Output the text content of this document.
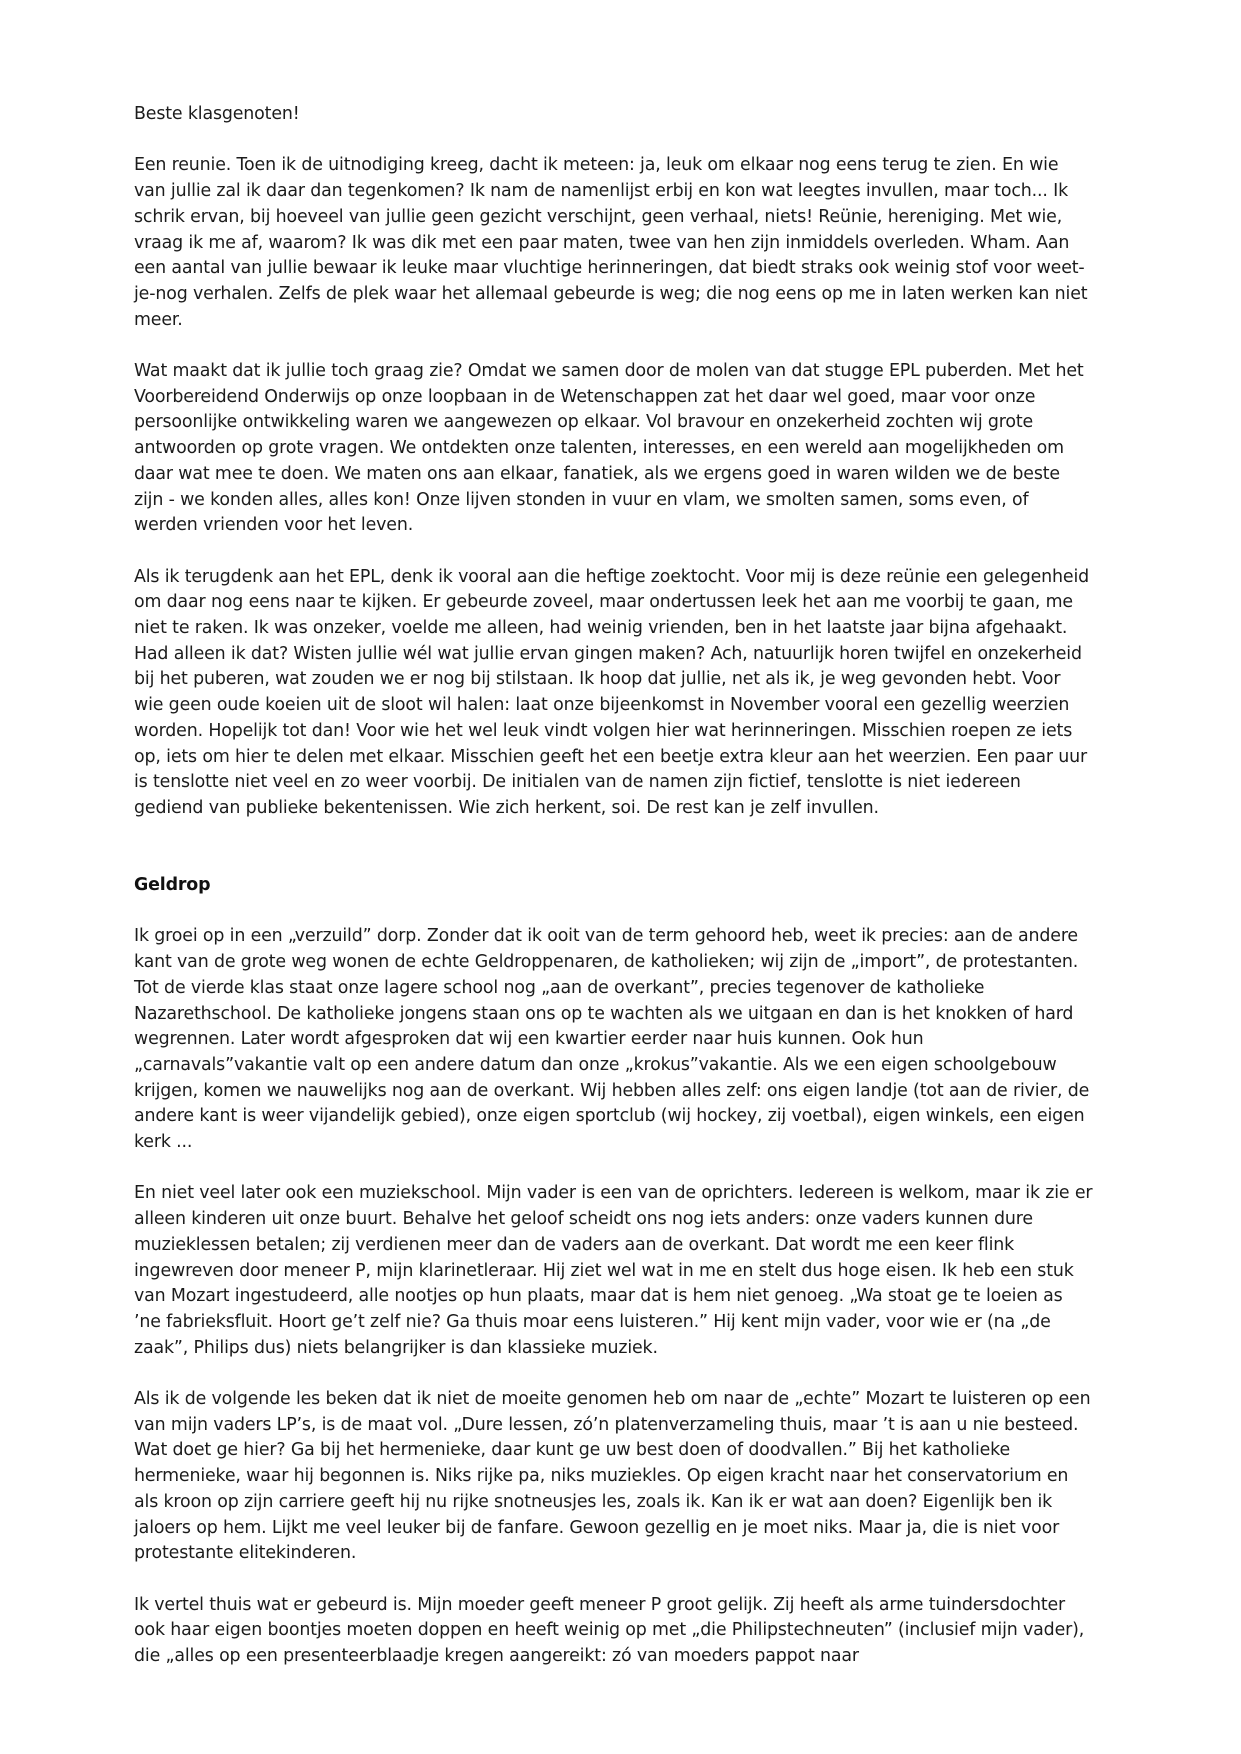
Beste klasgenoten!

Een reunie. Toen ik de uitnodiging kreeg, dacht ik meteen: ja, leuk om elkaar nog eens terug te zien. En wie van jullie zal ik daar dan tegenkomen? Ik nam de namenlijst erbij en kon wat leegtes invullen, maar toch... Ik schrik ervan, bij hoeveel van jullie geen gezicht verschijnt, geen verhaal, niets! Reünie, hereniging. Met wie, vraag ik me af, waarom? Ik was dik met een paar maten, twee van hen zijn inmiddels overleden. Wham. Aan een aantal van jullie bewaar ik leuke maar vluchtige herinneringen, dat biedt straks ook weinig stof voor weet-je-nog verhalen. Zelfs de plek waar het allemaal gebeurde is weg; die nog eens op me in laten werken kan niet meer.

Wat maakt dat ik jullie toch graag zie? Omdat we samen door de molen van dat stugge EPL puberden. Met het Voorbereidend Onderwijs op onze loopbaan in de Wetenschappen zat het daar wel goed, maar voor onze persoonlijke ontwikkeling waren we aangewezen op elkaar. Vol bravour en onzekerheid zochten wij grote antwoorden op grote vragen. We ontdekten onze talenten, interesses, en een wereld aan mogelijkheden om daar wat mee te doen. We maten ons aan elkaar, fanatiek, als we ergens goed in waren wilden we de beste zijn - we konden alles, alles kon! Onze lijven stonden in vuur en vlam, we smolten samen, soms even, of werden vrienden voor het leven.

Als ik terugdenk aan het EPL, denk ik vooral aan die heftige zoektocht. Voor mij is deze reünie een gelegenheid om daar nog eens naar te kijken. Er gebeurde zoveel, maar ondertussen leek het aan me voorbij te gaan, me niet te raken. Ik was onzeker, voelde me alleen, had weinig vrienden, ben in het laatste jaar bijna afgehaakt. Had alleen ik dat? Wisten jullie wél wat jullie ervan gingen maken? Ach, natuurlijk horen twijfel en onzekerheid bij het puberen, wat zouden we er nog bij stilstaan. Ik hoop dat jullie, net als ik, je weg gevonden hebt. Voor wie geen oude koeien uit de sloot wil halen: laat onze bijeenkomst in November vooral een gezellig weerzien worden. Hopelijk tot dan! Voor wie het wel leuk vindt volgen hier wat herinneringen. Misschien roepen ze iets op, iets om hier te delen met elkaar. Misschien geeft het een beetje extra kleur aan het weerzien. Een paar uur is tenslotte niet veel en zo weer voorbij. De initialen van de namen zijn fictief, tenslotte is niet iedereen gediend van publieke bekentenissen. Wie zich herkent, soi. De rest kan je zelf invullen.

Geldrop

Ik groei op in een „verzuild” dorp. Zonder dat ik ooit van de term gehoord heb, weet ik precies: aan de andere kant van de grote weg wonen de echte Geldroppenaren, de katholieken; wij zijn de „import”, de protestanten. Tot de vierde klas staat onze lagere school nog „aan de overkant”, precies tegenover de katholieke Nazarethschool. De katholieke jongens staan ons op te wachten als we uitgaan en dan is het knokken of hard wegrennen. Later wordt afgesproken dat wij een kwartier eerder naar huis kunnen. Ook hun „carnavals”vakantie valt op een andere datum dan onze „krokus”vakantie. Als we een eigen schoolgebouw krijgen, komen we nauwelijks nog aan de overkant. Wij hebben alles zelf: ons eigen landje (tot aan de rivier, de andere kant is weer vijandelijk gebied), onze eigen sportclub (wij hockey, zij voetbal), eigen winkels, een eigen kerk ...

En niet veel later ook een muziekschool. Mijn vader is een van de oprichters. Iedereen is welkom, maar ik zie er alleen kinderen uit onze buurt. Behalve het geloof scheidt ons nog iets anders: onze vaders kunnen dure muzieklessen betalen; zij verdienen meer dan de vaders aan de overkant. Dat wordt me een keer flink ingewreven door meneer P, mijn klarinetleraar. Hij ziet wel wat in me en stelt dus hoge eisen. Ik heb een stuk van Mozart ingestudeerd, alle nootjes op hun plaats, maar dat is hem niet genoeg. „Wa stoat ge te loeien as ’ne fabrieksfluit. Hoort ge’t zelf nie? Ga thuis moar eens luisteren.” Hij kent mijn vader, voor wie er (na „de zaak”, Philips dus) niets belangrijker is dan klassieke muziek.

Als ik de volgende les beken dat ik niet de moeite genomen heb om naar de „echte” Mozart te luisteren op een van mijn vaders LP’s, is de maat vol. „Dure lessen, zó’n platenverzameling thuis, maar ’t is aan u nie besteed. Wat doet ge hier? Ga bij het hermenieke, daar kunt ge uw best doen of doodvallen.” Bij het katholieke hermenieke, waar hij begonnen is. Niks rijke pa, niks muziekles. Op eigen kracht naar het conservatorium en als kroon op zijn carriere geeft hij nu rijke snotneusjes les, zoals ik. Kan ik er wat aan doen? Eigenlijk ben ik jaloers op hem. Lijkt me veel leuker bij de fanfare. Gewoon gezellig en je moet niks. Maar ja, die is niet voor protestante elitekinderen.

Ik vertel thuis wat er gebeurd is. Mijn moeder geeft meneer P groot gelijk. Zij heeft als arme tuindersdochter ook haar eigen boontjes moeten doppen en heeft weinig op met „die Philipstechneuten” (inclusief mijn vader), die „alles op een presenteerblaadje kregen aangereikt: zó van moeders pappot naar
